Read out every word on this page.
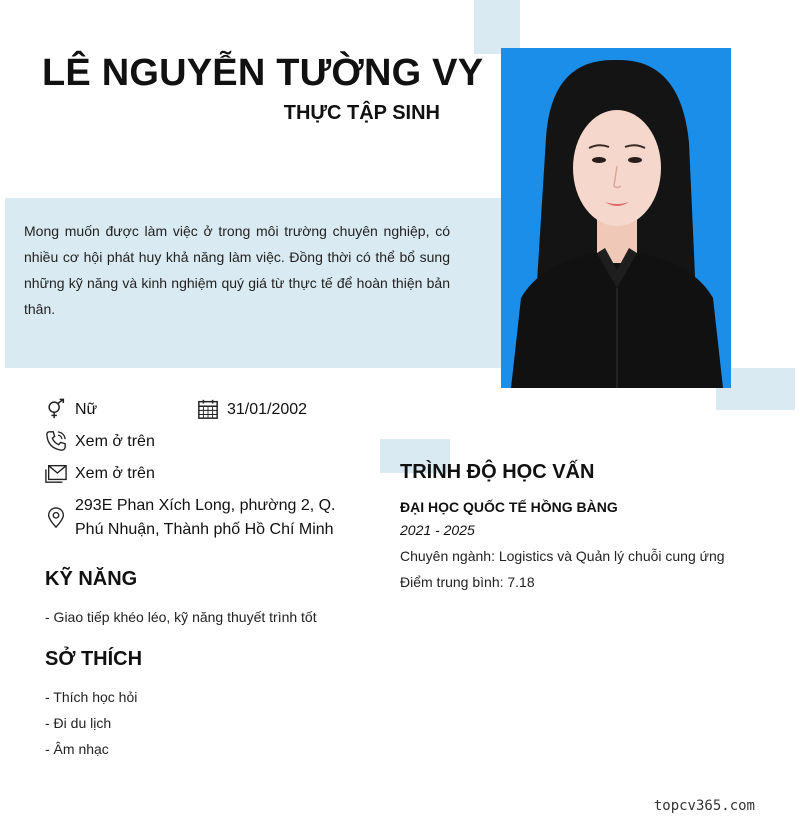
LÊ NGUYỄN TƯỜNG VY
THỰC TẬP SINH
Mong muốn được làm việc ở trong môi trường chuyên nghiệp, có nhiều cơ hội phát huy khả năng làm việc. Đồng thời có thể bổ sung những kỹ năng và kinh nghiệm quý giá từ thực tế để hoàn thiện bản thân.
Nữ	31/01/2002
Xem ở trên
Xem ở trên
293E Phan Xích Long, phường 2, Q. Phú Nhuận, Thành phố Hồ Chí Minh
KỸ NĂNG
- Giao tiếp khéo léo, kỹ năng thuyết trình tốt
SỞ THÍCH
- Thích học hỏi
- Đi du lịch
- Âm nhạc
TRÌNH ĐỘ HỌC VẤN
ĐẠI HỌC QUỐC TẾ HỒNG BÀNG
2021 - 2025
Chuyên ngành: Logistics và Quản lý chuỗi cung ứng
Điểm trung bình: 7.18
topcv365.com
